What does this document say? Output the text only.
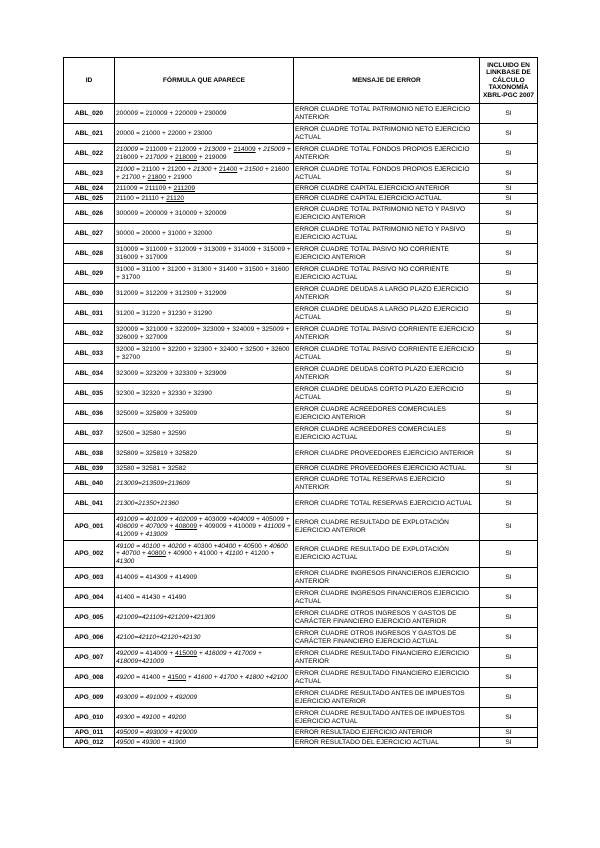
ID	FÓRMULA QUE APARECE	MENSAJE DE ERROR	INCLUIDO EN LINKBASE DE CÁLCULO TAXONOMÍA XBRL-PGC 2007
ABL_020	200009 = 210009 + 220009 + 230009	ERROR CUADRE TOTAL PATRIMONIO NETO EJERCICIO ANTERIOR	SI
ABL_021	20000 = 21000 + 22000 + 23000	ERROR CUADRE TOTAL PATRIMONIO NETO EJERCICIO ACTUAL	SI
ABL_022	210009 = 211009 + 212009 + 213009 + 214009 + 215009 + 216009 + 217009 + 218009 + 219009	ERROR CUADRE TOTAL FONDOS PROPIOS EJERCICIO ANTERIOR	SI
ABL_023	21000 = 21100 + 21200 + 21300 + 21400 + 21500 + 21600 + 21700 + 21800 + 21900	ERROR CUADRE TOTAL FONDOS PROPIOS EJERCICIO ACTUAL	SI
ABL_024	211009 = 211109 + 211209	ERROR CUADRE CAPITAL EJERCICIO ANTERIOR	SI
ABL_025	21100 = 21110 + 21120	ERROR CUADRE CAPITAL EJERCICIO ACTUAL	SI
ABL_026	300009 = 200009 + 310009 + 320009	ERROR CUADRE TOTAL PATRIMONIO NETO Y PASIVO EJERCICIO ANTERIOR	SI
ABL_027	30000 = 20000 + 31000 + 32000	ERROR CUADRE TOTAL PATRIMONIO NETO Y PASIVO EJERCICIO ACTUAL	SI
ABL_028	310009 = 311009 + 312009 + 313009 + 314009 + 315009 + 316009 + 317009	ERROR CUADRE TOTAL PASIVO NO CORRIENTE EJERCICIO ANTERIOR	SI
ABL_029	31000 = 31100 + 31200 + 31300 + 31400 + 31500 + 31600 + 31700	ERROR CUADRE TOTAL PASIVO NO CORRIENTE EJERCICIO ACTUAL	SI
ABL_030	312009 = 312209 + 312309 + 312909	ERROR CUADRE DEUDAS A LARGO PLAZO EJERCICIO ANTERIOR	SI
ABL_031	31200 = 31220 + 31230 + 31290	ERROR CUADRE DEUDAS A LARGO PLAZO EJERCICIO ACTUAL	SI
ABL_032	320009 = 321009 + 322009+ 323009 + 324009 + 325009 + 326009 + 327009	ERROR CUADRE TOTAL PASIVO CORRIENTE EJERCICIO ANTERIOR	SI
ABL_033	32000 = 32100 + 32200 + 32300 + 32400 + 32500 + 32600 + 32700	ERROR CUADRE TOTAL PASIVO CORRIENTE EJERCICIO ACTUAL	SI
ABL_034	323009 = 323209 + 323309 + 323909	ERROR CUADRE DEUDAS CORTO PLAZO EJERCICIO ANTERIOR	SI
ABL_035	32300 = 32320 + 32330 + 32390	ERROR CUADRE DEUDAS CORTO PLAZO EJERCICIO ACTUAL	SI
ABL_036	325009 = 325809 + 325909	ERROR CUADRE ACREEDORES COMERCIALES EJERCICIO ANTERIOR	SI
ABL_037	32500 = 32580 + 32590	ERROR CUADRE ACREEDORES COMERCIALES EJERCICIO ACTUAL	SI
ABL_038	325809 = 325819 + 325829	ERROR CUADRE PROVEEDORES EJERCICIO ANTERIOR	SI
ABL_039	32580 = 32581 + 32582	ERROR CUADRE PROVEEDORES EJERCICIO ACTUAL	SI
ABL_040	213009=213509+213609	ERROR CUADRE TOTAL RESERVAS EJERCICIO ANTERIOR	SI
ABL_041	21300=21350+21360	ERROR CUADRE TOTAL RESERVAS EJERCICIO ACTUAL	SI
APG_001	491009 = 401009 + 402009 + 403009 +404009 + 405009 + 406009 + 407009 + 408009 + 409009 + 410009 + 411009 + 412009 + 413009	ERROR CUADRE RESULTADO DE EXPLOTACIÓN EJERCICIO ANTERIOR	SI
APG_002	49100 = 40100 + 40200 + 40300 +40400 + 40500 + 40600 + 40700 + 40800 + 40900 + 41000 + 41100 + 41200 + 41300	ERROR CUADRE RESULTADO DE EXPLOTACIÓN EJERCICIO ACTUAL	SI
APG_003	414009 = 414309 + 414909	ERROR CUADRE INGRESOS FINANCIEROS EJERCICIO ANTERIOR	SI
APG_004	41400 = 41430 + 41490	ERROR CUADRE INGRESOS FINANCIEROS EJERCICIO ACTUAL	SI
APG_005	421009=421109+421209+421309	ERROR CUADRE OTROS INGRESOS Y GASTOS DE CARÁCTER FINANCIERO EJERCICIO ANTERIOR	SI
APG_006	42100=42110+42120+42130	ERROR CUADRE OTROS INGRESOS Y GASTOS DE CARÁCTER FINANCIERO EJERCICIO ACTUAL	SI
APG_007	492009 = 414009 + 415009 + 416009 + 417009 + 418009+421009	ERROR CUADRE RESULTADO FINANCIERO EJERCICIO ANTERIOR	SI
APG_008	49200 = 41400 + 41500 + 41600 + 41700 + 41800 +42100	ERROR CUADRE RESULTADO FINANCIERO EJERCICIO ACTUAL	SI
APG_009	493009 = 491009 + 492009	ERROR CUADRE RESULTADO ANTES DE IMPUESTOS EJERCICIO ANTERIOR	SI
APG_010	49300 = 49100 + 49200	ERROR CUADRE RESULTADO ANTES DE IMPUESTOS EJERCICIO ACTUAL	SI
APG_011	495009 = 493009 + 419009	ERROR RESULTADO EJERCICIO ANTERIOR	SI
APG_012	49500 = 49300 + 41900	ERROR RESULTADO DEL EJERCICIO ACTUAL	SI
